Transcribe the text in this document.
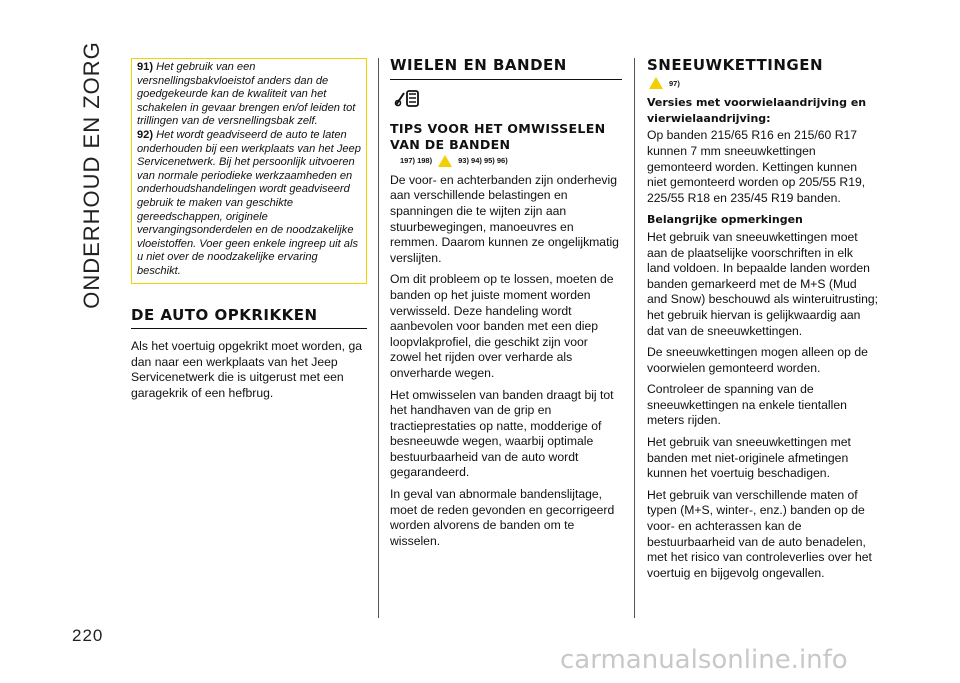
ONDERHOUD EN ZORG
220

91) Het gebruik van een versnellingsbakvloeistof anders dan de goedgekeurde kan de kwaliteit van het schakelen in gevaar brengen en/of leiden tot trillingen van de versnellingsbak zelf.

92) Het wordt geadviseerd de auto te laten onderhouden bij een werkplaats van het Jeep Servicenetwerk. Bij het persoonlijk uitvoeren van normale periodieke werkzaamheden en onderhoudshandelingen wordt geadviseerd gebruik te maken van geschikte gereedschappen, originele vervangingsonderdelen en de noodzakelijke vloeistoffen. Voer geen enkele ingreep uit als u niet over de noodzakelijke ervaring beschikt.

DE AUTO OPKRIKKEN

Als het voertuig opgekrikt moet worden, ga dan naar een werkplaats van het Jeep Servicenetwerk die is uitgerust met een garagekrik of een hefbrug.

WIELEN EN BANDEN
TIPS VOOR HET OMWISSELEN VAN DE BANDEN
197) 198)	93) 94) 95) 96)

De voor- en achterbanden zijn onderhevig aan verschillende belastingen en spanningen die te wijten zijn aan stuurbewegingen, manoeuvres en remmen. Daarom kunnen ze ongelijkmatig verslijten.

Om dit probleem op te lossen, moeten de banden op het juiste moment worden verwisseld. Deze handeling wordt aanbevolen voor banden met een diep loopvlakprofiel, die geschikt zijn voor zowel het rijden over verharde als onverharde wegen.

Het omwisselen van banden draagt bij tot het handhaven van de grip en tractieprestaties op natte, modderige of besneeuwde wegen, waarbij optimale bestuurbaarheid van de auto wordt gegarandeerd.

In geval van abnormale bandenslijtage, moet de reden gevonden en gecorrigeerd worden alvorens de banden om te wisselen.

SNEEUWKETTINGEN
97)
Versies met voorwielaandrijving en vierwielaandrijving:

Op banden 215/65 R16 en 215/60 R17 kunnen 7 mm sneeuwkettingen gemonteerd worden. Kettingen kunnen niet gemonteerd worden op 205/55 R19, 225/55 R18 en 235/45 R19 banden.

Belangrijke opmerkingen

Het gebruik van sneeuwkettingen moet aan de plaatselijke voorschriften in elk land voldoen. In bepaalde landen worden banden gemarkeerd met de M+S (Mud and Snow) beschouwd als winteruitrusting; het gebruik hiervan is gelijkwaardig aan dat van de sneeuwkettingen.

De sneeuwkettingen mogen alleen op de voorwielen gemonteerd worden.

Controleer de spanning van de sneeuwkettingen na enkele tientallen meters rijden.

Het gebruik van sneeuwkettingen met banden met niet-originele afmetingen kunnen het voertuig beschadigen.

Het gebruik van verschillende maten of typen (M+S, winter-, enz.) banden op de voor- en achterassen kan de bestuurbaarheid van de auto benadelen, met het risico van controleverlies over het voertuig en bijgevolg ongevallen.

carmanualsonline.info
